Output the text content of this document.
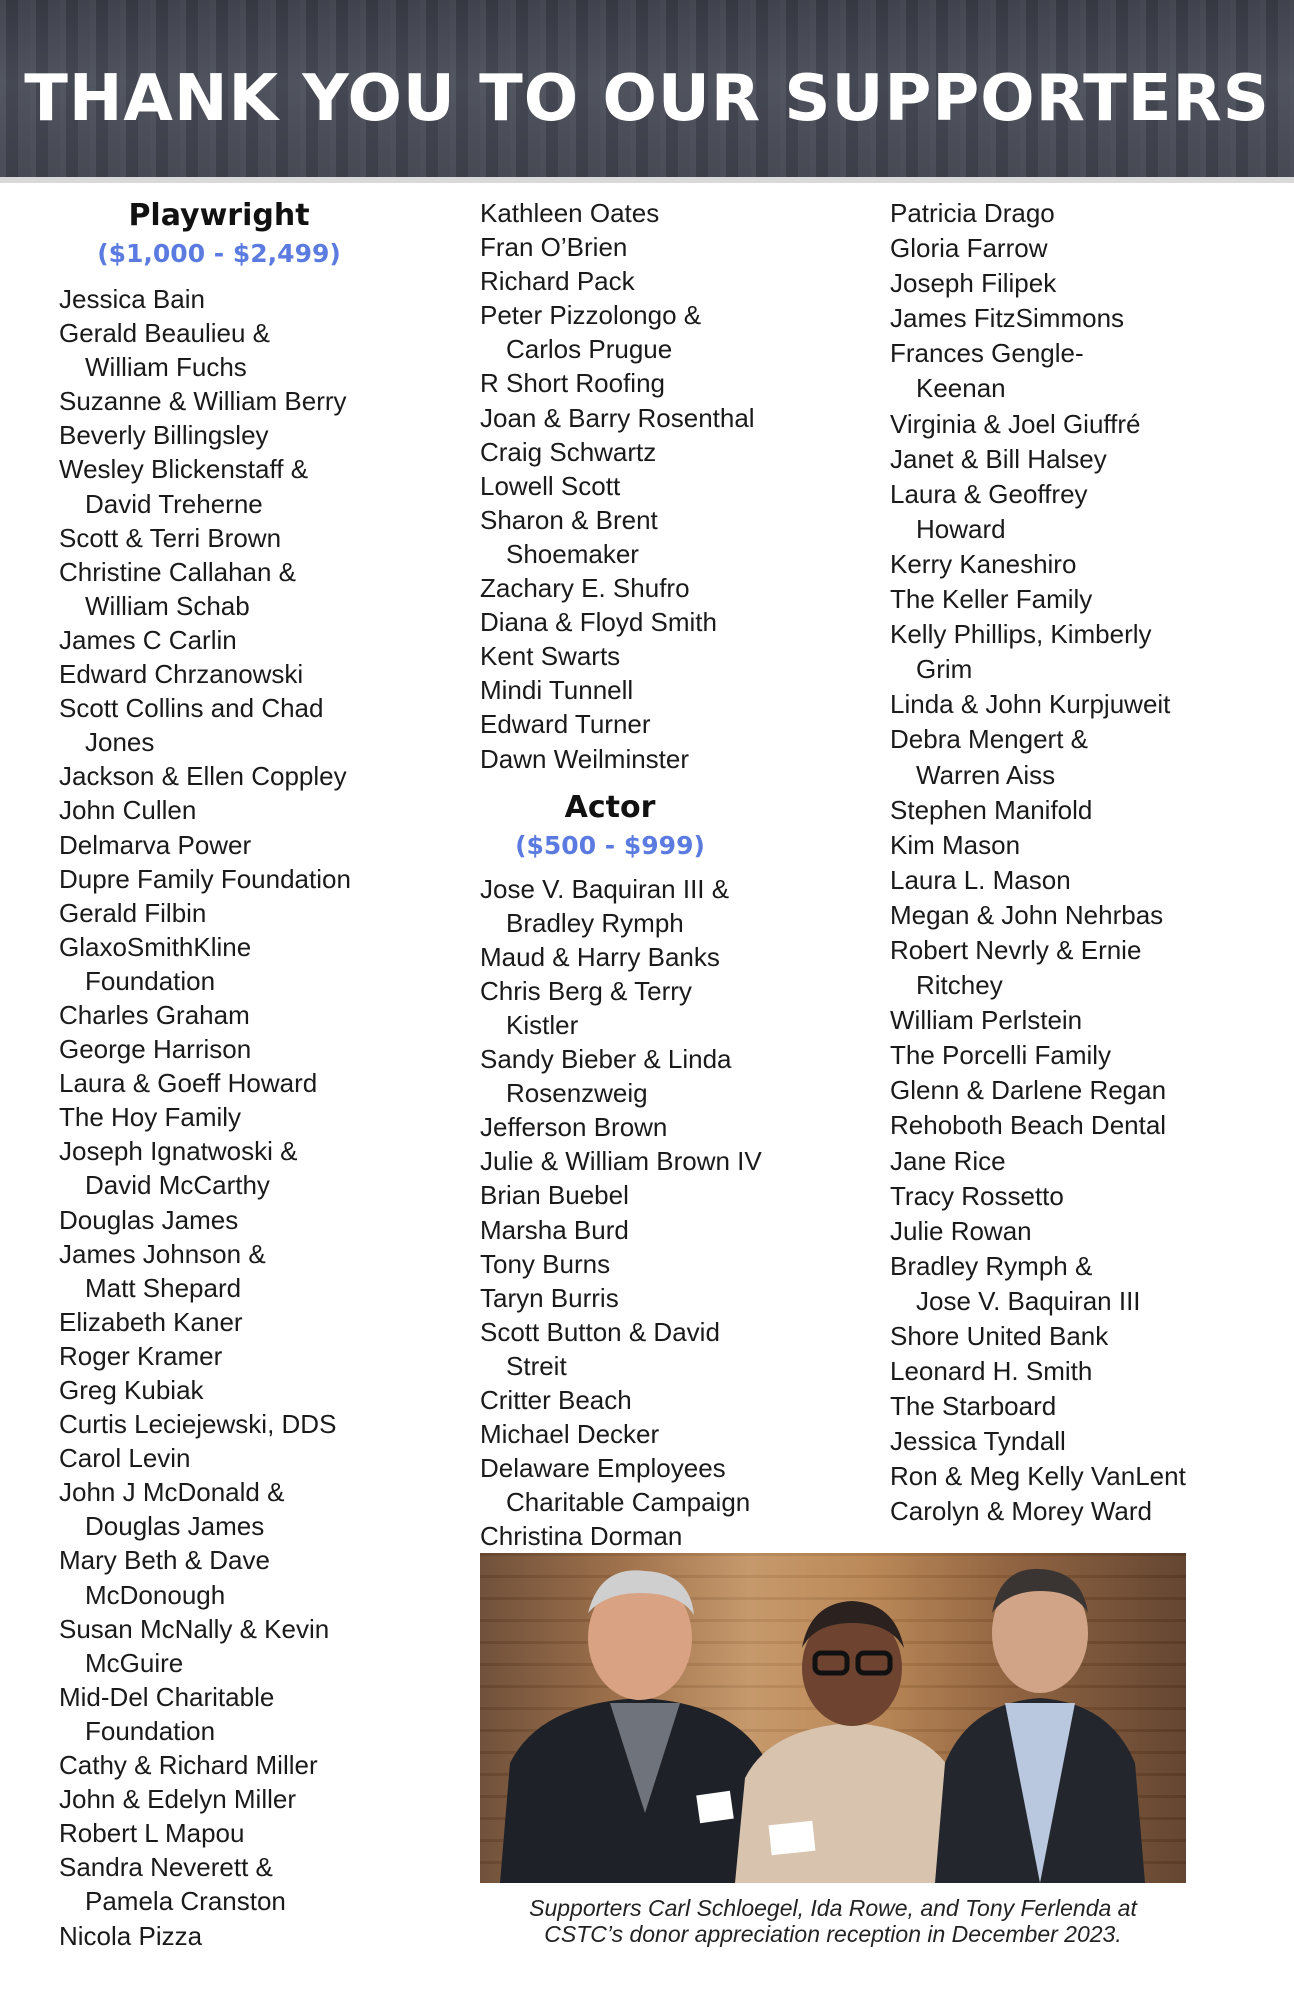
THANK YOU TO OUR SUPPORTERS
Playwright
($1,000 - $2,499)
Jessica Bain
Gerald Beaulieu &
William Fuchs
Suzanne & William Berry
Beverly Billingsley
Wesley Blickenstaff &
David Treherne
Scott & Terri Brown
Christine Callahan &
William Schab
James C Carlin
Edward Chrzanowski
Scott Collins and Chad
Jones
Jackson & Ellen Coppley
John Cullen
Delmarva Power
Dupre Family Foundation
Gerald Filbin
GlaxoSmithKline
Foundation
Charles Graham
George Harrison
Laura & Goeff Howard
The Hoy Family
Joseph Ignatwoski &
David McCarthy
Douglas James
James Johnson &
Matt Shepard
Elizabeth Kaner
Roger Kramer
Greg Kubiak
Curtis Leciejewski, DDS
Carol Levin
John J McDonald &
Douglas James
Mary Beth & Dave
McDonough
Susan McNally & Kevin
McGuire
Mid-Del Charitable
Foundation
Cathy & Richard Miller
John & Edelyn Miller
Robert L Mapou
Sandra Neverett &
Pamela Cranston
Nicola Pizza
Kathleen Oates
Fran O’Brien
Richard Pack
Peter Pizzolongo &
Carlos Prugue
R Short Roofing
Joan & Barry Rosenthal
Craig Schwartz
Lowell Scott
Sharon & Brent
Shoemaker
Zachary E. Shufro
Diana & Floyd Smith
Kent Swarts
Mindi Tunnell
Edward Turner
Dawn Weilminster
Actor
($500 - $999)
Jose V. Baquiran III &
Bradley Rymph
Maud & Harry Banks
Chris Berg & Terry
Kistler
Sandy Bieber & Linda
Rosenzweig
Jefferson Brown
Julie & William Brown IV
Brian Buebel
Marsha Burd
Tony Burns
Taryn Burris
Scott Button & David
Streit
Critter Beach
Michael Decker
Delaware Employees
Charitable Campaign
Christina Dorman
Patricia Drago
Gloria Farrow
Joseph Filipek
James FitzSimmons
Frances Gengle-
Keenan
Virginia & Joel Giuffré
Janet & Bill Halsey
Laura & Geoffrey
Howard
Kerry Kaneshiro
The Keller Family
Kelly Phillips, Kimberly
Grim
Linda & John Kurpjuweit
Debra Mengert &
Warren Aiss
Stephen Manifold
Kim Mason
Laura L. Mason
Megan & John Nehrbas
Robert Nevrly & Ernie
Ritchey
William Perlstein
The Porcelli Family
Glenn & Darlene Regan
Rehoboth Beach Dental
Jane Rice
Tracy Rossetto
Julie Rowan
Bradley Rymph &
Jose V. Baquiran III
Shore United Bank
Leonard H. Smith
The Starboard
Jessica Tyndall
Ron & Meg Kelly VanLent
Carolyn & Morey Ward
Supporters Carl Schloegel, Ida Rowe, and Tony Ferlenda at
CSTC’s donor appreciation reception in December 2023.
